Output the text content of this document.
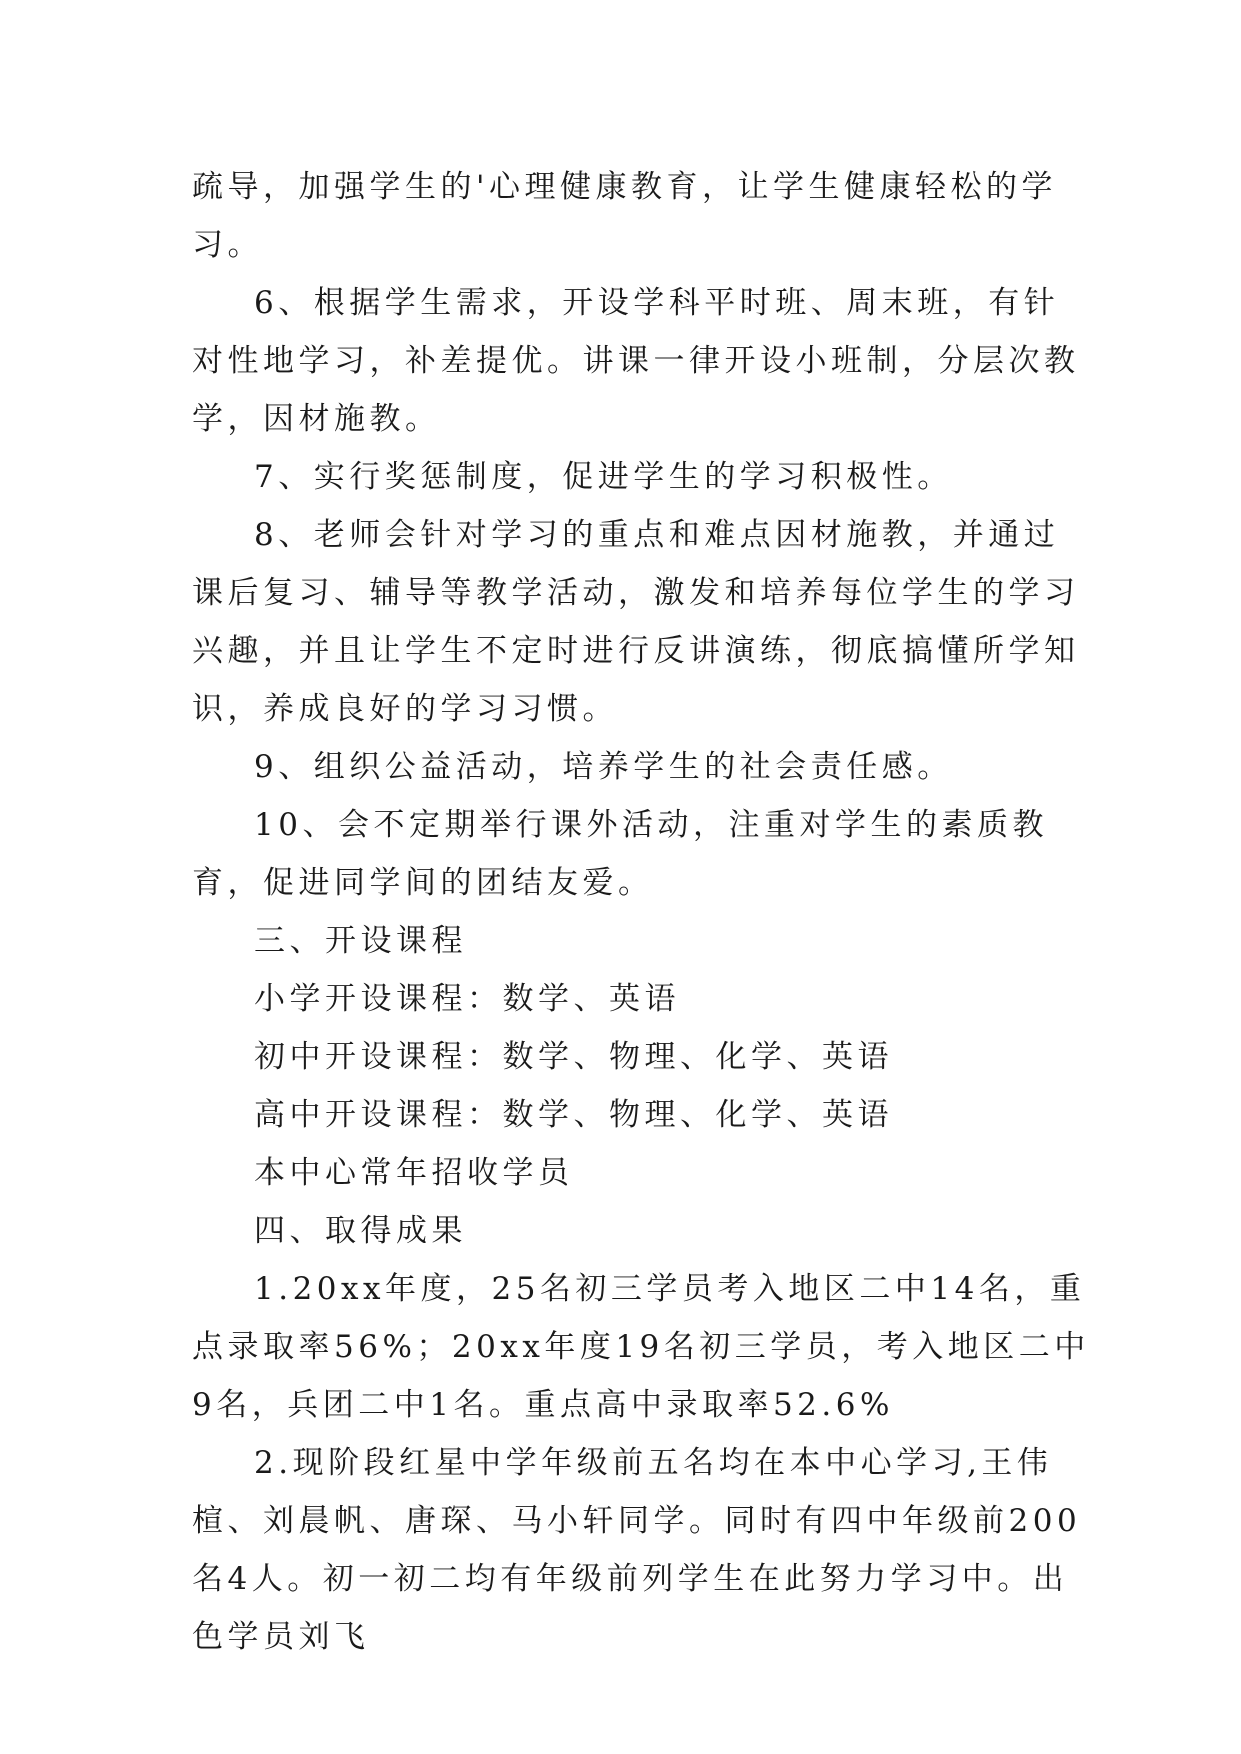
疏导，加强学生的'心理健康教育，让学生健康轻松的学习。

6、根据学生需求，开设学科平时班、周末班，有针对性地学习，补差提优。讲课一律开设小班制，分层次教学，因材施教。

7、实行奖惩制度，促进学生的学习积极性。

8、老师会针对学习的重点和难点因材施教，并通过课后复习、辅导等教学活动，激发和培养每位学生的学习兴趣，并且让学生不定时进行反讲演练，彻底搞懂所学知识，养成良好的学习习惯。

9、组织公益活动，培养学生的社会责任感。

10、会不定期举行课外活动，注重对学生的素质教育，促进同学间的团结友爱。

三、开设课程

小学开设课程：数学、英语

初中开设课程：数学、物理、化学、英语

高中开设课程：数学、物理、化学、英语

本中心常年招收学员

四、取得成果

1.20xx年度，25名初三学员考入地区二中14名，重点录取率56%；20xx年度19名初三学员，考入地区二中9名，兵团二中1名。重点高中录取率52.6%

2.现阶段红星中学年级前五名均在本中心学习,王伟楦、刘晨帆、唐琛、马小轩同学。同时有四中年级前200名4人。初一初二均有年级前列学生在此努力学习中。出色学员刘飞
